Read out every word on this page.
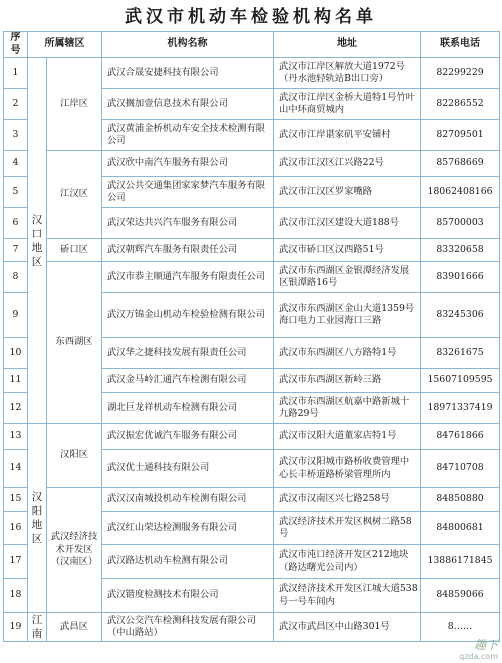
武汉市机动车检验机构名单
序号	所属辖区		机构名称	地址	联系电话
1	汉口地区	江岸区	武汉合晟安捷科技有限公司	武汉市江岸区解放大道1972号（丹水池轻轨站B出口旁）	82299229
2			武汉搁加壹信息技术有限公司	武汉市江岸区金桥大道特1号竹叶山中环商贸城内	82286552
3			武汉黄浦金桥机动车安全技术检测有限公司	武汉市江岸谌家矶平安铺村	82709501
4		江汉区	武汉欣中南汽车服务有限公司	武汉市江汉区江兴路22号	85768669
5			武汉公共交通集团家家梦汽车服务有限公司	武汉市江汉区罗家嘴路	18062408166
6			武汉荣达共兴汽车服务有限公司	武汉市江汉区建设大道188号	85700003
7		硚口区	武汉朝辉汽车服务有限责任公司	武汉市硚口区汉西路51号	83320658
8		东西湖区	武汉市恭主顺通汽车服务有限责任公司	武汉市东西湖区金银潭经济发展区银潭路16号	83901666
9			武汉万锦金山机动车检验检测有限公司	武汉市东西湖区金山大道1359号海口电力工业园海口三路	83245306
10			武汉华之捷科技发展有限责任公司	武汉市东西湖区八方路特1号	83261675
11			武汉金马岭汇通汽车检测有限公司	武汉市东西湖区新岭三路	15607109595
12			湖北巨龙祥机动车检测有限公司	武汉市东西湖区航嘉中路新城十九路29号	18971337419
13	汉阳地区	汉阳区	武汉振宏优诚汽车服务有限公司	武汉市汉阳大道董家店特1号	84761866
14			武汉优士通科技有限公司	武汉市汉阳城市路桥收费管理中心长丰桥道路桥梁管理所内	84710708
15		武汉经济技术开发区（汉南区）	武汉汉南城投机动车检测有限公司	武汉市汉南区兴七路258号	84850880
16			武汉红山荣达检测服务有限公司	武汉经济技术开发区枫树二路58号	84800681
17			武汉路达机动车检测有限公司	武汉市沌口经济开发区212地块（路达曙光公司内）	13886171845
18			武汉锴度检测技术有限公司	武汉经济技术开发区江城大道538号一号车间内	84859066
19	江南	武昌区	武汉公交汽车检测科技发展有限公司（中山路站）	武汉市武昌区中山路301号	8……
趣下
qzda.com
